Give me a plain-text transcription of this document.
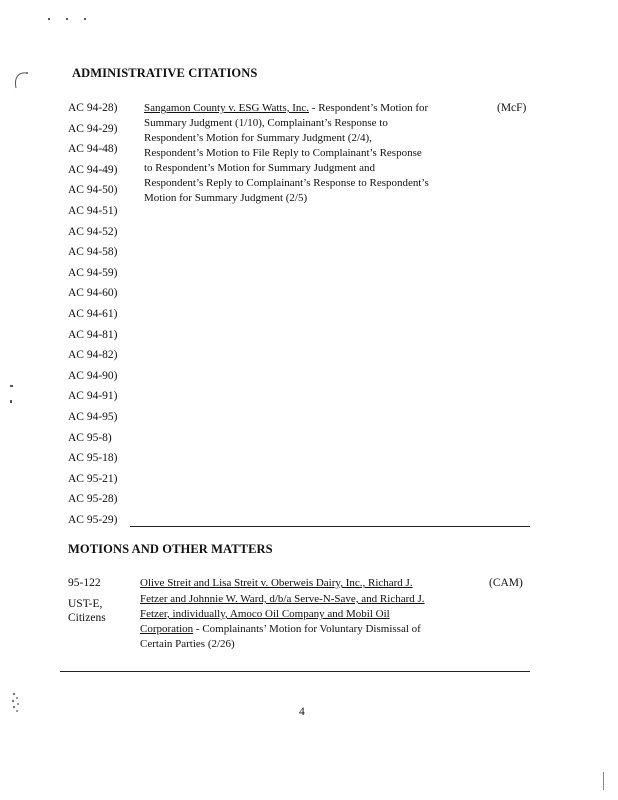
ADMINISTRATIVE CITATIONS
AC 94-28)
AC 94-29)
AC 94-48)
AC 94-49)
AC 94-50)
AC 94-51)
AC 94-52)
AC 94-58)
AC 94-59)
AC 94-60)
AC 94-61)
AC 94-81)
AC 94-82)
AC 94-90)
AC 94-91)
AC 94-95)
AC 95-8)
AC 95-18)
AC 95-21)
AC 95-28)
AC 95-29)
Sangamon County v. ESG Watts, Inc. - Respondent’s Motion for
Summary Judgment (1/10), Complainant’s Response to
Respondent’s Motion for Summary Judgment (2/4),
Respondent’s Motion to File Reply to Complainant’s Response
to Respondent’s Motion for Summary Judgment and
Respondent’s Reply to Complainant’s Response to Respondent’s
Motion for Summary Judgment (2/5)
(McF)
MOTIONS AND OTHER MATTERS
95-122
UST-E,
Citizens
Olive Streit and Lisa Streit v. Oberweis Dairy, Inc., Richard J.
Fetzer and Johnnie W. Ward, d/b/a Serve-N-Save, and Richard J.
Fetzer, individually, Amoco Oil Company and Mobil Oil
Corporation - Complainants’ Motion for Voluntary Dismissal of
Certain Parties (2/26)
(CAM)
4
